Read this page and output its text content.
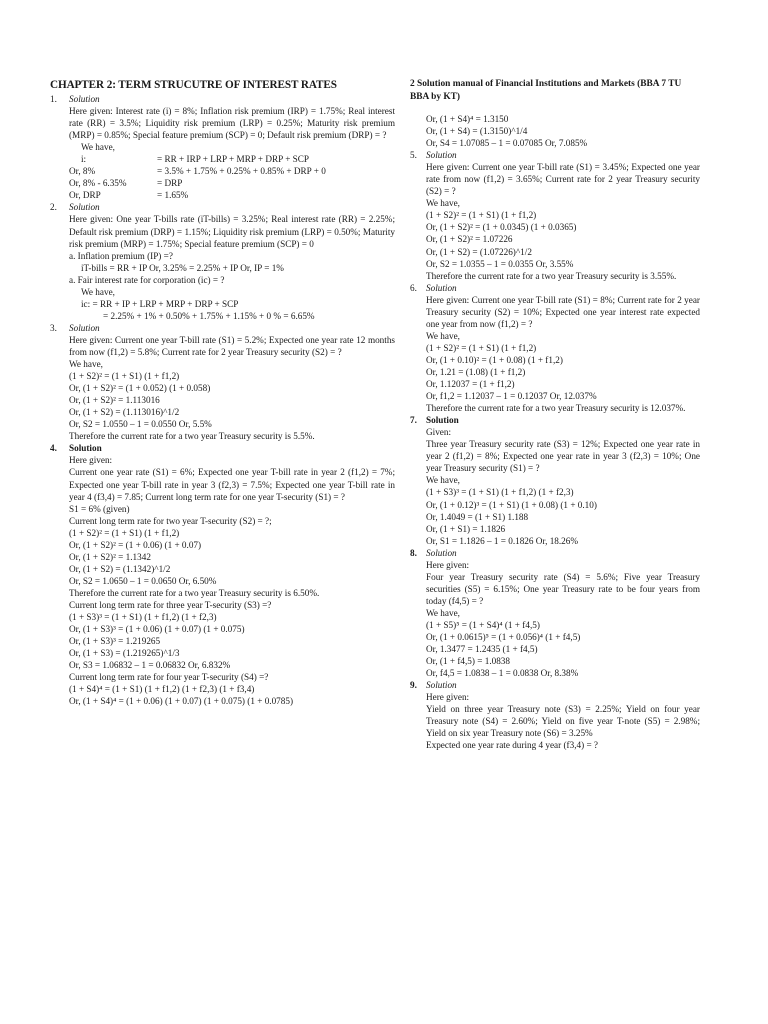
CHAPTER 2: TERM STRUCUTRE OF INTEREST RATES
1.	Solution
Here given: Interest rate (i) = 8%; Inflation risk premium (IRP) = 1.75%; Real interest rate (RR) = 3.5%; Liquidity risk premium (LRP) = 0.25%; Maturity risk premium (MRP) = 0.85%; Special feature premium (SCP) = 0; Default risk premium (DRP) = ?
We have,
i:	= RR + IRP + LRP + MRP + DRP + SCP
Or, 8%	= 3.5% + 1.75% + 0.25% + 0.85% + DRP + 0
Or, 8% - 6.35%	= DRP
Or, DRP	= 1.65%
2.	Solution
Here given: One year T-bills rate (iT-bills) = 3.25%; Real interest rate (RR) = 2.25%; Default risk premium (DRP) = 1.15%; Liquidity risk premium (LRP) = 0.50%; Maturity risk premium (MRP) = 1.75%; Special feature premium (SCP) = 0
a. Inflation premium (IP) =?
iT-bills = RR + IP Or, 3.25% = 2.25% + IP Or, IP = 1%
a. Fair interest rate for corporation (ic) = ?
We have,
ic: = RR + IP + LRP + MRP + DRP + SCP
= 2.25% + 1% + 0.50% + 1.75% + 1.15% + 0 % = 6.65%
3.	Solution
Here given: Current one year T-bill rate (S1) = 5.2%; Expected one year rate 12 months from now (f1,2) = 5.8%; Current rate for 2 year Treasury security (S2) = ?
We have,
(1 + S2)² = (1 + S1) (1 + f1,2)
Or, (1 + S2)² = (1 + 0.052) (1 + 0.058)
Or, (1 + S2)² = 1.113016
Or, (1 + S2) = (1.113016)^1/2
Or, S2 = 1.0550 – 1 = 0.0550 Or, 5.5%
Therefore the current rate for a two year Treasury security is 5.5%.
4.	Solution
Here given:
Current one year rate (S1) = 6%; Expected one year T-bill rate in year 2 (f1,2) = 7%; Expected one year T-bill rate in year 3 (f2,3) = 7.5%; Expected one year T-bill rate in year 4 (f3,4) = 7.85; Current long term rate for one year T-security (S1) = ?
S1 = 6% (given)
Current long term rate for two year T-security (S2) = ?;
(1 + S2)² = (1 + S1) (1 + f1,2)
Or, (1 + S2)² = (1 + 0.06) (1 + 0.07)
Or, (1 + S2)² = 1.1342
Or, (1 + S2) = (1.1342)^1/2
Or, S2 = 1.0650 – 1 = 0.0650 Or, 6.50%
Therefore the current rate for a two year Treasury security is 6.50%.
Current long term rate for three year T-security (S3) =?
(1 + S3)³ = (1 + S1) (1 + f1,2) (1 + f2,3)
Or, (1 + S3)³ = (1 + 0.06) (1 + 0.07) (1 + 0.075)
Or, (1 + S3)³ = 1.219265
Or, (1 + S3) = (1.219265)^1/3
Or, S3 = 1.06832 – 1 = 0.06832 Or, 6.832%
Current long term rate for four year T-security (S4) =?
(1 + S4)⁴ = (1 + S1) (1 + f1,2) (1 + f2,3) (1 + f3,4)
Or, (1 + S4)⁴ = (1 + 0.06) (1 + 0.07) (1 + 0.075) (1 + 0.0785)
2 Solution manual of Financial Institutions and Markets (BBA 7 TU BBA by KT)
Or, (1 + S4)⁴ = 1.3150
Or, (1 + S4) = (1.3150)^1/4
Or, S4 = 1.07085 – 1 = 0.07085 Or, 7.085%
5. Solution
Here given: Current one year T-bill rate (S1) = 3.45%; Expected one year rate from now (f1,2) = 3.65%; Current rate for 2 year Treasury security (S2) = ?
We have,
(1 + S2)² = (1 + S1) (1 + f1,2)
Or, (1 + S2)² = (1 + 0.0345) (1 + 0.0365)
Or, (1 + S2)² = 1.07226
Or, (1 + S2) = (1.07226)^1/2
Or, S2 = 1.0355 – 1 = 0.0355 Or, 3.55%
Therefore the current rate for a two year Treasury security is 3.55%.
6. Solution
Here given: Current one year T-bill rate (S1) = 8%; Current rate for 2 year Treasury security (S2) = 10%; Expected one year interest rate expected one year from now (f1,2) = ?
We have,
(1 + S2)² = (1 + S1) (1 + f1,2)
Or, (1 + 0.10)² = (1 + 0.08) (1 + f1,2)
Or, 1.21 = (1.08) (1 + f1,2)
Or, 1.12037 = (1 + f1,2)
Or, f1,2 = 1.12037 – 1 = 0.12037 Or, 12.037%
Therefore the current rate for a two year Treasury security is 12.037%.
7. Solution
Given:
Three year Treasury security rate (S3) = 12%; Expected one year rate in year 2 (f1,2) = 8%; Expected one year rate in year 3 (f2,3) = 10%; One year Treasury security (S1) = ?
We have,
(1 + S3)³ = (1 + S1) (1 + f1,2) (1 + f2,3)
Or, (1 + 0.12)³ = (1 + S1) (1 + 0.08) (1 + 0.10)
Or, 1.4049 = (1 + S1) 1.188
Or, (1 + S1) = 1.1826
Or, S1 = 1.1826 – 1 = 0.1826 Or, 18.26%
8. Solution
Here given:
Four year Treasury security rate (S4) = 5.6%; Five year Treasury securities (S5) = 6.15%; One year Treasury rate to be four years from today (f4,5) = ?
We have,
(1 + S5)⁵ = (1 + S4)⁴ (1 + f4,5)
Or, (1 + 0.0615)⁵ = (1 + 0.056)⁴ (1 + f4,5)
Or, 1.3477 = 1.2435 (1 + f4,5)
Or, (1 + f4,5) = 1.0838
Or, f4,5 = 1.0838 – 1 = 0.0838 Or, 8.38%
9. Solution
Here given:
Yield on three year Treasury note (S3) = 2.25%; Yield on four year Treasury note (S4) = 2.60%; Yield on five year T-note (S5) = 2.98%; Yield on six year Treasury note (S6) = 3.25%
Expected one year rate during 4 year (f3,4) = ?
